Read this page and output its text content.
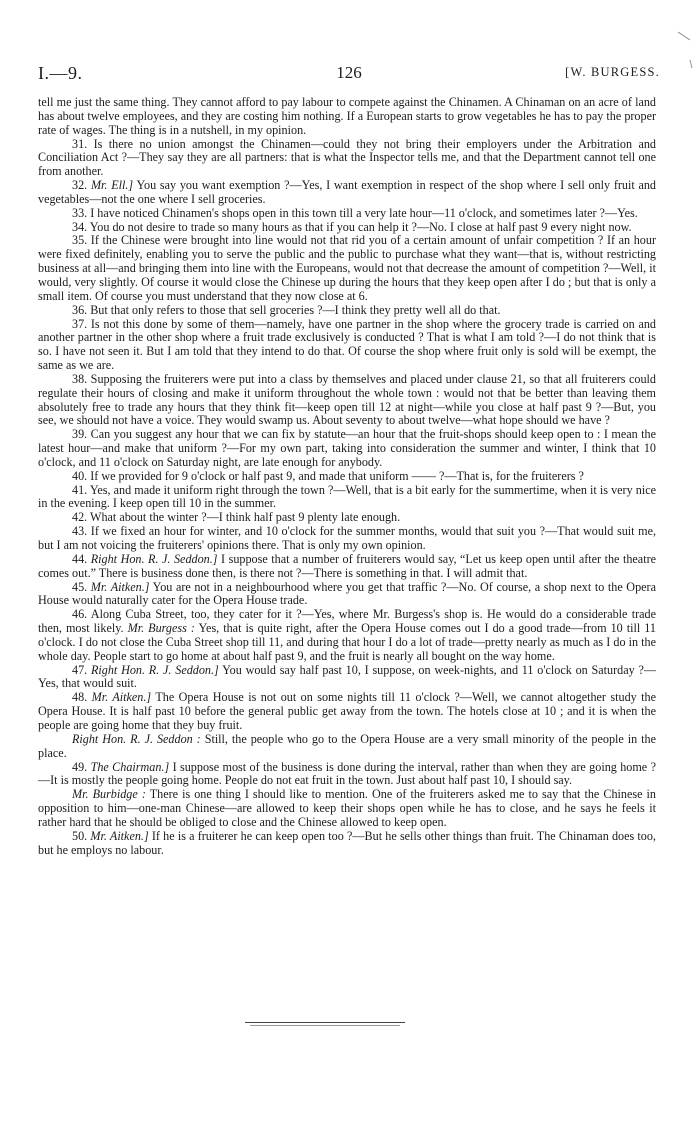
I.—9.	126	[W. BURGESS.

tell me just the same thing. They cannot afford to pay labour to compete against the Chinamen. A Chinaman on an acre of land has about twelve employees, and they are costing him nothing. If a European starts to grow vegetables he has to pay the proper rate of wages. The thing is in a nutshell, in my opinion.

31. Is there no union amongst the Chinamen—could they not bring their employers under the Arbitration and Conciliation Act ?—They say they are all partners: that is what the Inspector tells me, and that the Department cannot tell one from another.

32. Mr. Ell.] You say you want exemption ?—Yes, I want exemption in respect of the shop where I sell only fruit and vegetables—not the one where I sell groceries.

33. I have noticed Chinamen's shops open in this town till a very late hour—11 o'clock, and sometimes later ?—Yes.

34. You do not desire to trade so many hours as that if you can help it ?—No. I close at half past 9 every night now.

35. If the Chinese were brought into line would not that rid you of a certain amount of unfair competition ? If an hour were fixed definitely, enabling you to serve the public and the public to purchase what they want—that is, without restricting business at all—and bringing them into line with the Europeans, would not that decrease the amount of competition ?—Well, it would, very slightly. Of course it would close the Chinese up during the hours that they keep open after I do ; but that is only a small item. Of course you must understand that they now close at 6.

36. But that only refers to those that sell groceries ?—I think they pretty well all do that.

37. Is not this done by some of them—namely, have one partner in the shop where the grocery trade is carried on and another partner in the other shop where a fruit trade exclusively is conducted ? That is what I am told ?—I do not think that is so. I have not seen it. But I am told that they intend to do that. Of course the shop where fruit only is sold will be exempt, the same as we are.

38. Supposing the fruiterers were put into a class by themselves and placed under clause 21, so that all fruiterers could regulate their hours of closing and make it uniform throughout the whole town : would not that be better than leaving them absolutely free to trade any hours that they think fit—keep open till 12 at night—while you close at half past 9 ?—But, you see, we should not have a voice. They would swamp us. About seventy to about twelve—what hope should we have ?

39. Can you suggest any hour that we can fix by statute—an hour that the fruit-shops should keep open to : I mean the latest hour—and make that uniform ?—For my own part, taking into consideration the summer and winter, I think that 10 o'clock, and 11 o'clock on Saturday night, are late enough for anybody.

40. If we provided for 9 o'clock or half past 9, and made that uniform —— ?—That is, for the fruiterers ?

41. Yes, and made it uniform right through the town ?—Well, that is a bit early for the summertime, when it is very nice in the evening. I keep open till 10 in the summer.

42. What about the winter ?—I think half past 9 plenty late enough.

43. If we fixed an hour for winter, and 10 o'clock for the summer months, would that suit you ?—That would suit me, but I am not voicing the fruiterers' opinions there. That is only my own opinion.

44. Right Hon. R. J. Seddon.] I suppose that a number of fruiterers would say, “Let us keep open until after the theatre comes out.” There is business done then, is there not ?—There is something in that. I will admit that.

45. Mr. Aitken.] You are not in a neighbourhood where you get that traffic ?—No. Of course, a shop next to the Opera House would naturally cater for the Opera House trade.

46. Along Cuba Street, too, they cater for it ?—Yes, where Mr. Burgess's shop is. He would do a considerable trade then, most likely. Mr. Burgess : Yes, that is quite right, after the Opera House comes out I do a good trade—from 10 till 11 o'clock. I do not close the Cuba Street shop till 11, and during that hour I do a lot of trade—pretty nearly as much as I do in the whole day. People start to go home at about half past 9, and the fruit is nearly all bought on the way home.

47. Right Hon. R. J. Seddon.] You would say half past 10, I suppose, on week-nights, and 11 o'clock on Saturday ?—Yes, that would suit.

48. Mr. Aitken.] The Opera House is not out on some nights till 11 o'clock ?—Well, we cannot altogether study the Opera House. It is half past 10 before the general public get away from the town. The hotels close at 10 ; and it is when the people are going home that they buy fruit.

Right Hon. R. J. Seddon : Still, the people who go to the Opera House are a very small minority of the people in the place.

49. The Chairman.] I suppose most of the business is done during the interval, rather than when they are going home ?—It is mostly the people going home. People do not eat fruit in the town. Just about half past 10, I should say.

Mr. Burbidge : There is one thing I should like to mention. One of the fruiterers asked me to say that the Chinese in opposition to him—one-man Chinese—are allowed to keep their shops open while he has to close, and he says he feels it rather hard that he should be obliged to close and the Chinese allowed to keep open.

50. Mr. Aitken.] If he is a fruiterer he can keep open too ?—But he sells other things than fruit. The Chinaman does too, but he employs no labour.
